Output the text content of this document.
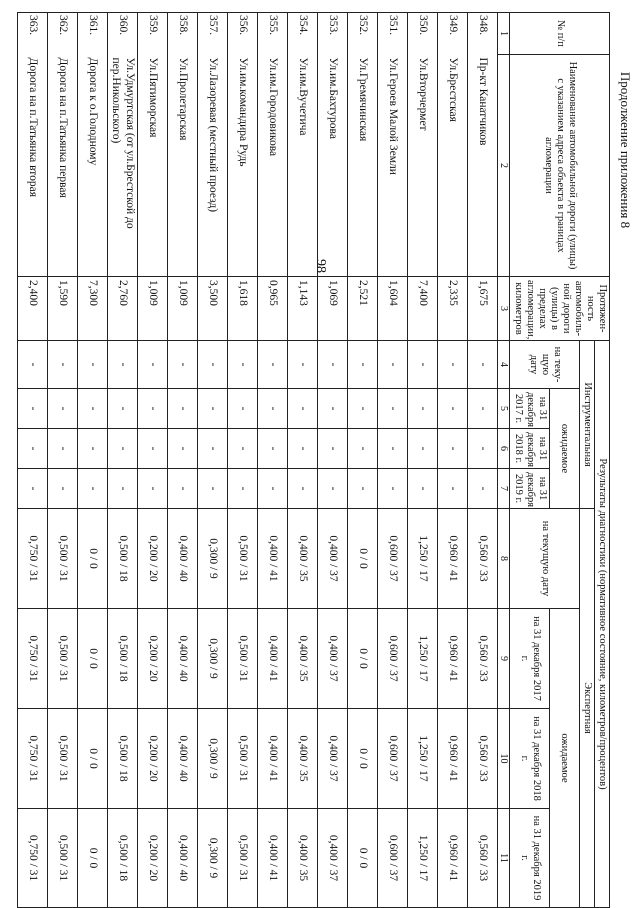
98
Продолжение приложения 8
№ п/п	Наименование автомобильной дороги (улицы) с указанием адреса объекта в границах агломерации	Протяжен-ность автомобиль-ной дороги (улицы) в пределах агломерации, километров	Результаты диагностики (нормативное состояние, километров/процентов)							
			Инструментальная				Экспертная			
			на теку-щую дату	ожидаемое			на текущую дату	ожидаемое		
				на 31 декабря 2017 г.	на 31 декабря 2018 г.	на 31 декабря 2019 г.		на 31 декабря 2017 г.	на 31 декабря 2018 г.	на 31 декабря 2019 г.
1	2	3	4	5	6	7	8	9	10	11
348.	Пр-кт Канатчиков	1,675	-	-	-	-	0,560 / 33	0,560 / 33	0,560 / 33	0,560 / 33
349.	Ул.Брестская	2,335	-	-	-	-	0,960 / 41	0,960 / 41	0,960 / 41	0,960 / 41
350.	Ул.Вторчермет	7,400	-	-	-	-	1,250 / 17	1,250 / 17	1,250 / 17	1,250 / 17
351.	Ул.Героев Малой Земли	1,604	-	-	-	-	0,600 / 37	0,600 / 37	0,600 / 37	0,600 / 37
352.	Ул.Гремячинская	2,521	-	-	-	-	0 / 0	0 / 0	0 / 0	0 / 0
353.	Ул.им.Бахтурова	1,069	-	-	-	-	0,400 / 37	0,400 / 37	0,400 / 37	0,400 / 37
354.	Ул.им.Вучетича	1,143	-	-	-	-	0,400 / 35	0,400 / 35	0,400 / 35	0,400 / 35
355.	Ул.им.Городовикова	0,965	-	-	-	-	0,400 / 41	0,400 / 41	0,400 / 41	0,400 / 41
356.	Ул.им.командира Рудь	1,618	-	-	-	-	0,500 / 31	0,500 / 31	0,500 / 31	0,500 / 31
357.	Ул.Лазоревая (местный проезд)	3,500	-	-	-	-	0,300 / 9	0,300 / 9	0,300 / 9	0,300 / 9
358.	Ул.Пролетарская	1,009	-	-	-	-	0,400 / 40	0,400 / 40	0,400 / 40	0,400 / 40
359.	Ул.Пятиморская	1,009	-	-	-	-	0,200 / 20	0,200 / 20	0,200 / 20	0,200 / 20
360.	Ул.Удмуртская (от ул.Брестской до пер.Никольского)	2,760	-	-	-	-	0,500 / 18	0,500 / 18	0,500 / 18	0,500 / 18
361.	Дорога к о.Голодному	7,300	-	-	-	-	0 / 0	0 / 0	0 / 0	0 / 0
362.	Дорога на п.Татьянка первая	1,590	-	-	-	-	0,500 / 31	0,500 / 31	0,500 / 31	0,500 / 31
363.	Дорога на п.Татьянка вторая	2,400	-	-	-	-	0,750 / 31	0,750 / 31	0,750 / 31	0,750 / 31
